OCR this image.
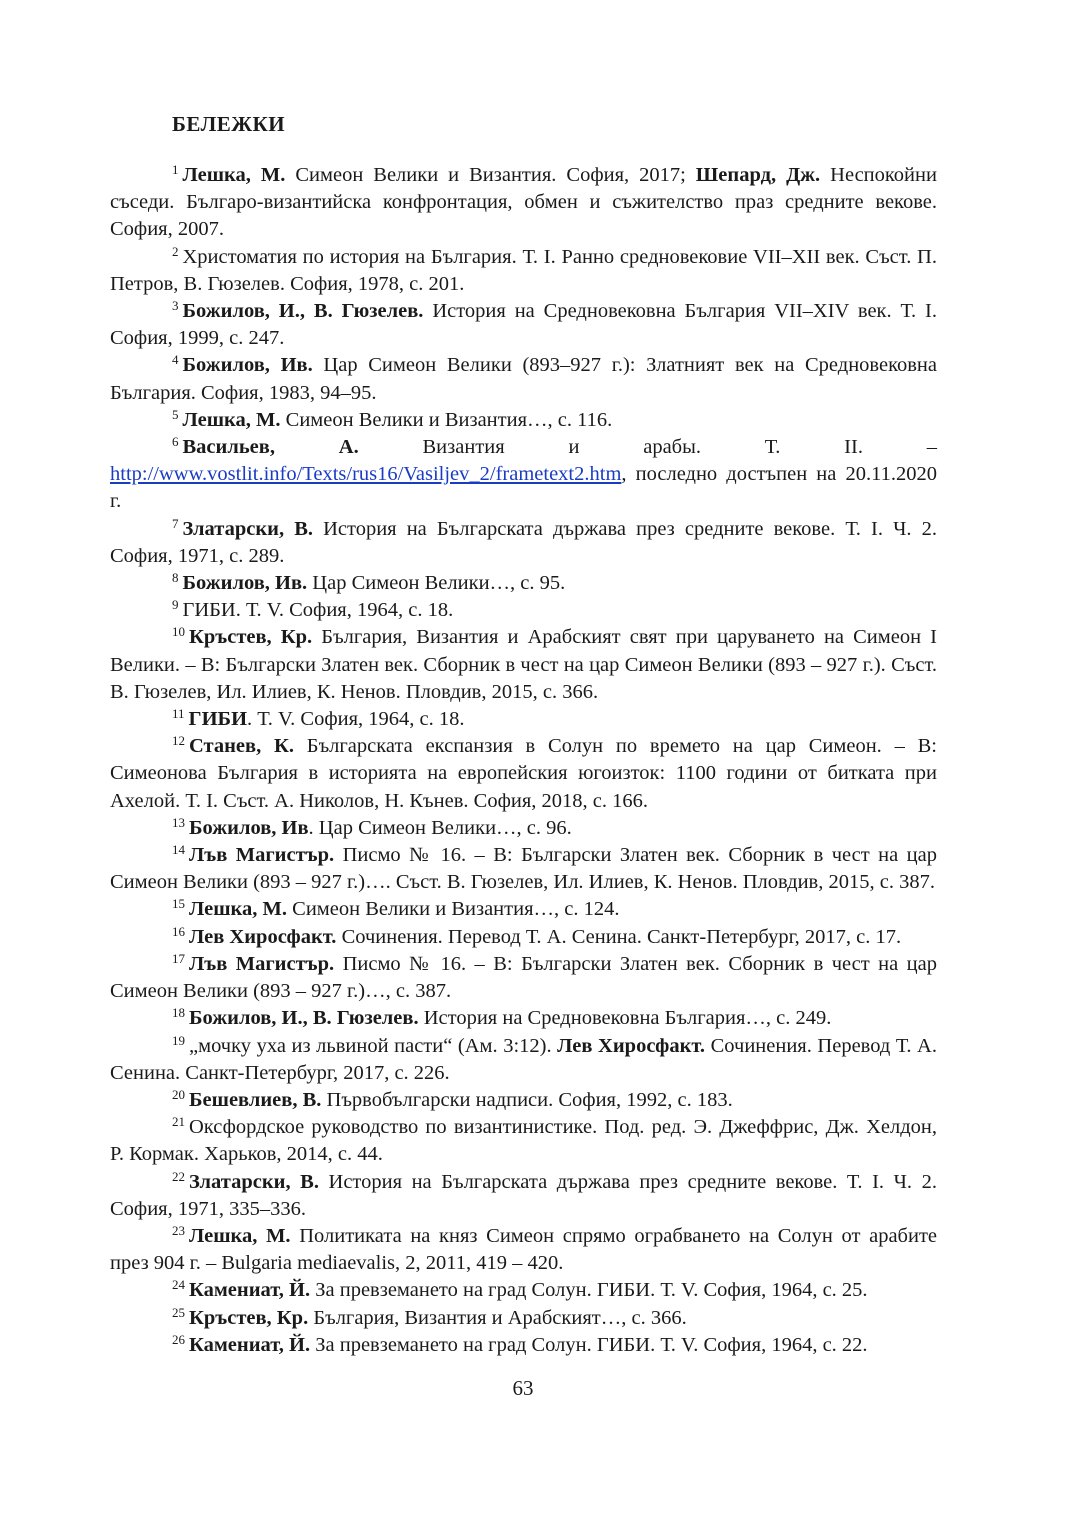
БЕЛЕЖКИ

$^1$ Лешка, М. Симеон Велики и Византия. София, 2017; Шепард, Дж. Неспокойни съседи. Българо-византийска конфронтация, обмен и съжителство праз средните векове. София, 2007.

$^2$ Христоматия по история на България. Т. I. Ранно средновековие VII–XII век. Съст. П. Петров, В. Гюзелев. София, 1978, с. 201.

$^3$ Божилов, И., В. Гюзелев. История на Средновековна България VII–XIV век. Т. I. София, 1999, с. 247.

$^4$ Божилов, Ив. Цар Симеон Велики (893–927 г.): Златният век на Средновековна България. София, 1983, 94–95.

$^5$ Лешка, М. Симеон Велики и Византия…, с. 116.

$^6$ Васильев, А. Византия и арабы. Т. II. – http://www.vostlit.info/Texts/rus16/Vasiljev_2/frametext2.htm, последно достъпен на 20.11.2020 г.

$^7$ Златарски, В. История на Българската държава през средните векове. Т. I. Ч. 2. София, 1971, с. 289.

$^8$ Божилов, Ив. Цар Симеон Велики…, с. 95.

$^9$ ГИБИ. Т. V. София, 1964, с. 18.

$^{10}$ Кръстев, Кр. България, Византия и Арабският свят при царуването на Симеон I Велики. – В: Български Златен век. Сборник в чест на цар Симеон Велики (893 – 927 г.). Съст. В. Гюзелев, Ил. Илиев, К. Ненов. Пловдив, 2015, с. 366.

$^{11}$ ГИБИ. Т. V. София, 1964, с. 18.

$^{12}$ Станев, К. Българската експанзия в Солун по времето на цар Симеон. – В: Симеонова България в историята на европейския югоизток: 1100 години от битката при Ахелой. Т. I. Съст. А. Николов, Н. Кънев. София, 2018, с. 166.

$^{13}$ Божилов, Ив. Цар Симеон Велики…, с. 96.

$^{14}$ Лъв Магистър. Писмо № 16. – В: Български Златен век. Сборник в чест на цар Симеон Велики (893 – 927 г.)…. Съст. В. Гюзелев, Ил. Илиев, К. Ненов. Пловдив, 2015, с. 387.

$^{15}$ Лешка, М. Симеон Велики и Византия…, с. 124.

$^{16}$ Лев Хиросфакт. Сочинения. Перевод Т. А. Сенина. Санкт-Петербург, 2017, с. 17.

$^{17}$ Лъв Магистър. Писмо № 16. – В: Български Златен век. Сборник в чест на цар Симеон Велики (893 – 927 г.)…, с. 387.

$^{18}$ Божилов, И., В. Гюзелев. История на Средновековна България…, с. 249.

$^{19}$ „мочку уха из львиной пасти“ (Ам. 3:12). Лев Хиросфакт. Сочинения. Перевод Т. А. Сенина. Санкт-Петербург, 2017, с. 226.

$^{20}$ Бешевлиев, В. Първобългарски надписи. София, 1992, с. 183.

$^{21}$ Оксфордское руководство по византинистике. Под. ред. Э. Джеффрис, Дж. Хелдон, Р. Кормак. Харьков, 2014, с. 44.

$^{22}$ Златарски, В. История на Българската държава през средните векове. Т. I. Ч. 2. София, 1971, 335–336.

$^{23}$ Лешка, М. Политиката на княз Симеон спрямо ограбването на Солун от арабите през 904 г. – Bulgaria mediaevalis, 2, 2011, 419 – 420.

$^{24}$ Камениат, Й. За превземането на град Солун. ГИБИ. Т. V. София, 1964, с. 25.

$^{25}$ Кръстев, Кр. България, Византия и Арабският…, с. 366.

$^{26}$ Камениат, Й. За превземането на град Солун. ГИБИ. Т. V. София, 1964, с. 22.

63
